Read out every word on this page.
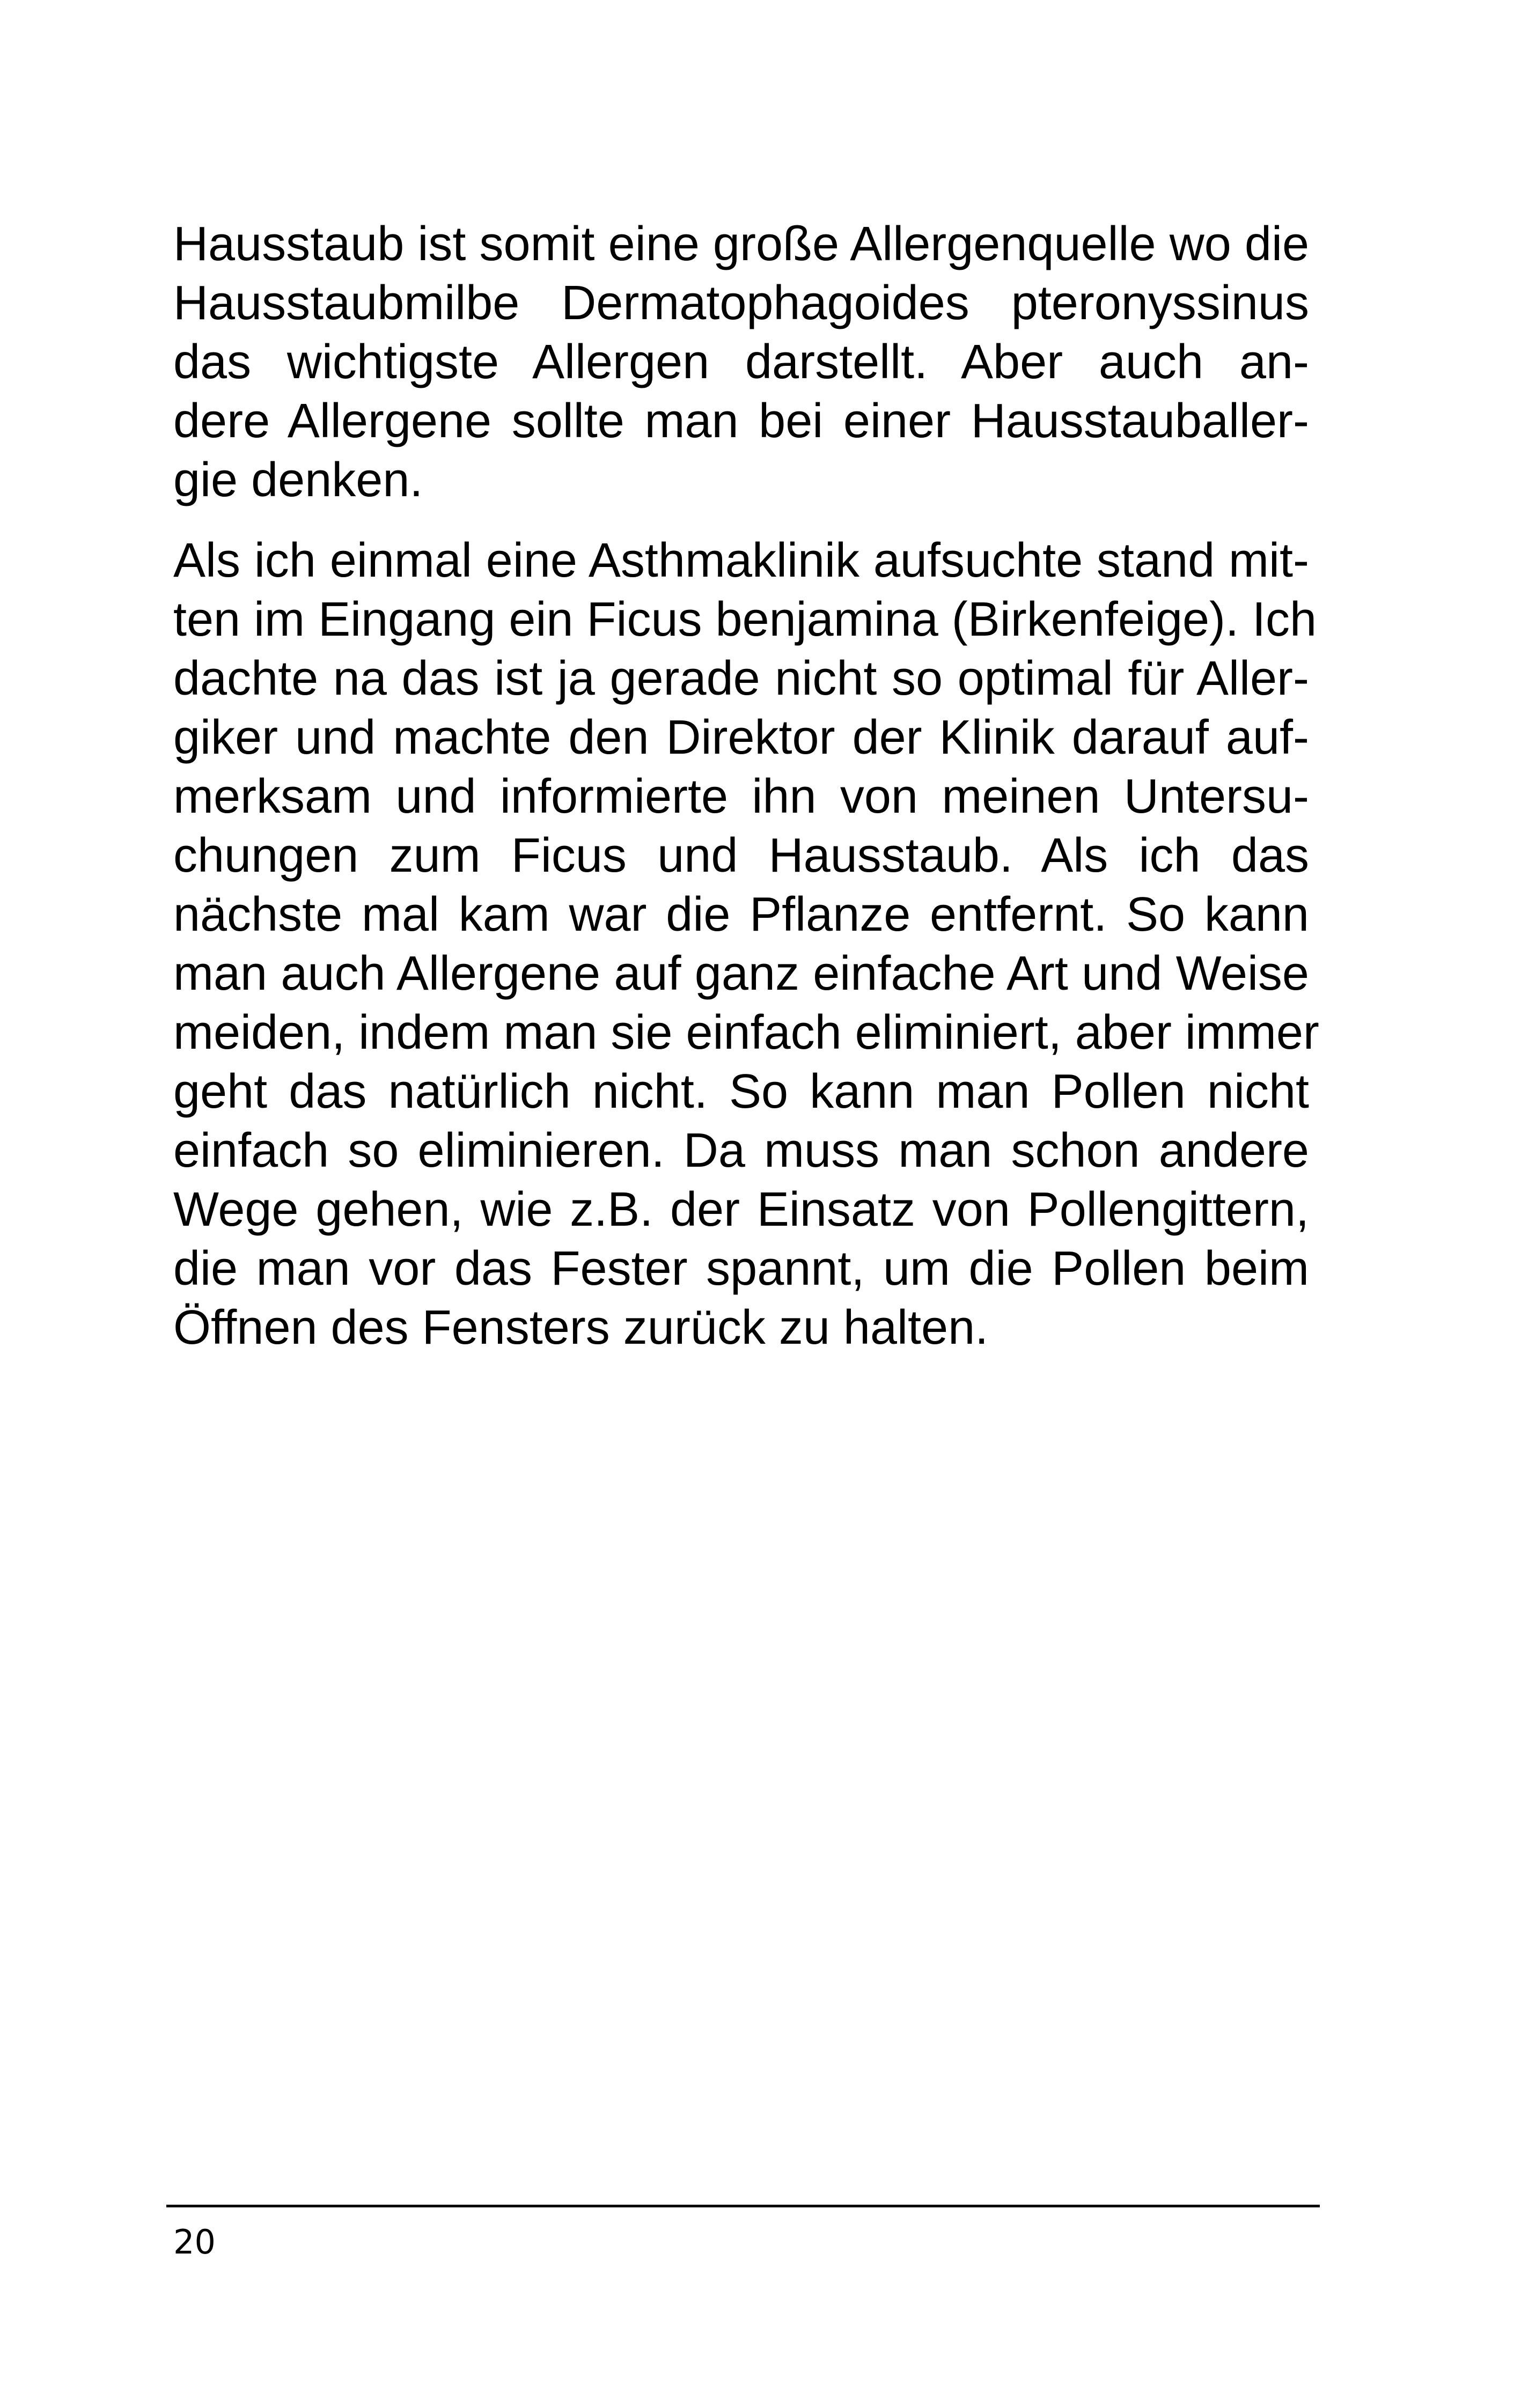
Hausstaub ist somit eine große Allergenquelle wo die
Hausstaubmilbe Dermatophagoides pteronyssinus
das wichtigste Allergen darstellt. Aber auch an-
dere Allergene sollte man bei einer Hausstauballer-
gie denken.

Als ich einmal eine Asthmaklinik aufsuchte stand mit-
ten im Eingang ein Ficus benjamina (Birkenfeige). Ich
dachte na das ist ja gerade nicht so optimal für Aller-
giker und machte den Direktor der Klinik darauf auf-
merksam und informierte ihn von meinen Untersu-
chungen zum Ficus und Hausstaub. Als ich das
nächste mal kam war die Pflanze entfernt. So kann
man auch Allergene auf ganz einfache Art und Weise
meiden, indem man sie einfach eliminiert, aber immer
geht das natürlich nicht. So kann man Pollen nicht
einfach so eliminieren. Da muss man schon andere
Wege gehen, wie z.B. der Einsatz von Pollengittern,
die man vor das Fester spannt, um die Pollen beim
Öffnen des Fensters zurück zu halten.

20
